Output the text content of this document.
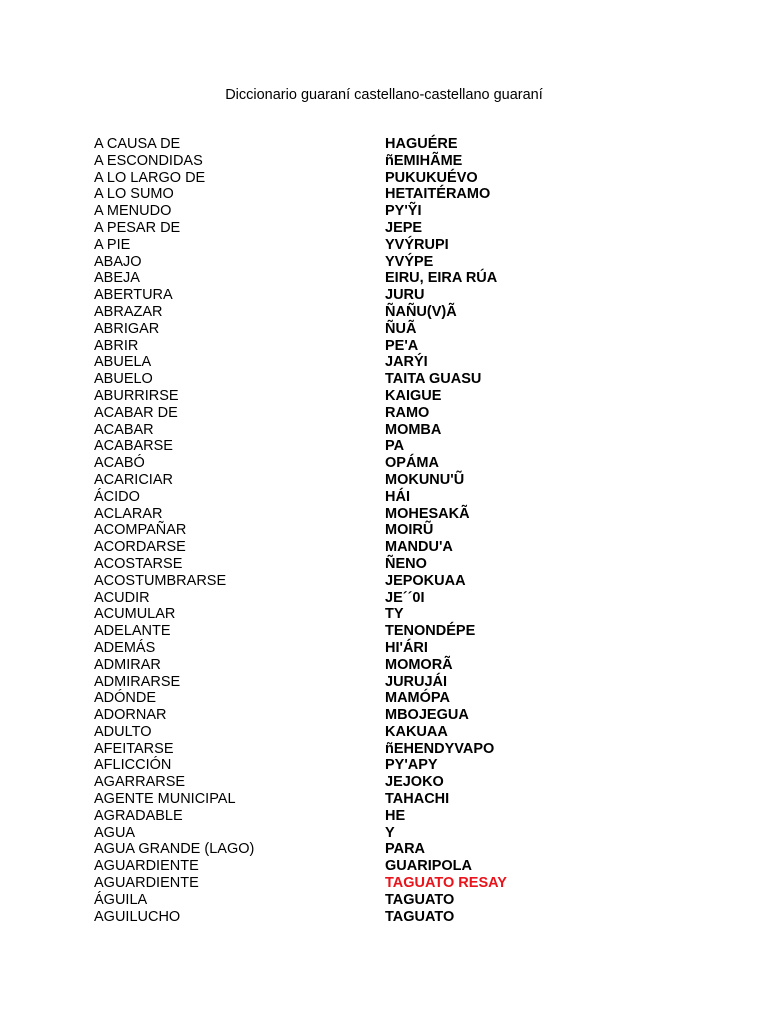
Diccionario guaraní castellano-castellano guaraní
A CAUSA DE	HAGUÉRE
A ESCONDIDAS	ñEMIHÃME
A LO LARGO DE	PUKUKUÉVO
A LO SUMO	HETAITÉRAMO
A MENUDO	PY'ỸI
A PESAR DE	JEPE
A PIE	YVÝRUPI
ABAJO	YVÝPE
ABEJA	EIRU, EIRA RÚA
ABERTURA	JURU
ABRAZAR	ÑAÑU(V)Ã
ABRIGAR	ÑUÃ
ABRIR	PE'A
ABUELA	JARÝI
ABUELO	TAITA GUASU
ABURRIRSE	KAIGUE
ACABAR DE	RAMO
ACABAR	MOMBA
ACABARSE	PA
ACABÓ	OPÁMA
ACARICIAR	MOKUNU'Ũ
ÁCIDO	HÁI
ACLARAR	MOHESAKÃ
ACOMPAÑAR	MOIRŨ
ACORDARSE	MANDU'A
ACOSTARSE	ÑENO
ACOSTUMBRARSE	JEPOKUAA
ACUDIR	JE´´0I
ACUMULAR	TY
ADELANTE	TENONDÉPE
ADEMÁS	HI'ÁRI
ADMIRAR	MOMORÃ
ADMIRARSE	JURUJÁI
ADÓNDE	MAMÓPA
ADORNAR	MBOJEGUA
ADULTO	KAKUAA
AFEITARSE	ñEHENDYVAPO
AFLICCIÓN	PY'APY
AGARRARSE	JEJOKO
AGENTE MUNICIPAL	TAHACHI
AGRADABLE	HE
AGUA	Y
AGUA GRANDE (LAGO)	PARA
AGUARDIENTE	GUARIPOLA
AGUARDIENTE	TAGUATO RESAY
ÁGUILA	TAGUATO
AGUILUCHO	TAGUATO
